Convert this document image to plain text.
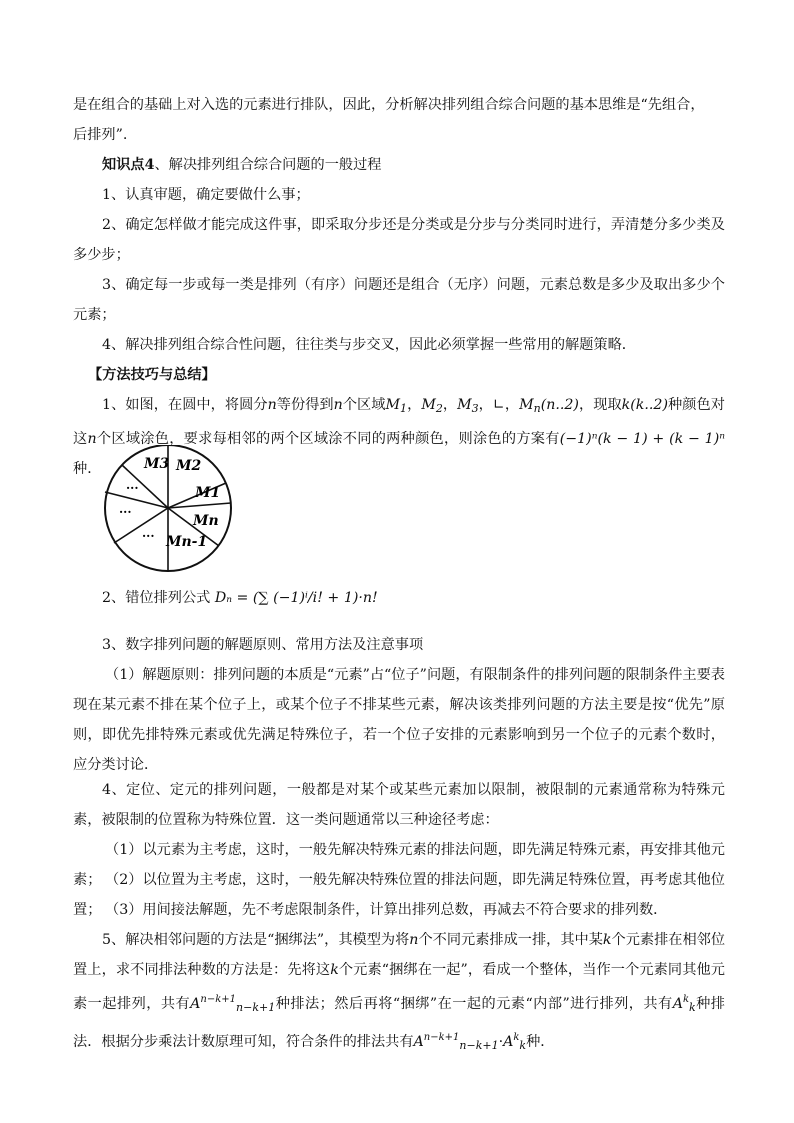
是在组合的基础上对入选的元素进行排队，因此，分析解决排列组合综合问题的基本思维是“先组合，

后排列”.

知识点4、解决排列组合综合问题的一般过程

1、认真审题，确定要做什么事；

2、确定怎样做才能完成这件事，即采取分步还是分类或是分步与分类同时进行，弄清楚分多少类及多少步；

3、确定每一步或每一类是排列（有序）问题还是组合（无序）问题，元素总数是多少及取出多少个元素；

4、解决排列组合综合性问题，往往类与步交叉，因此必须掌握一些常用的解题策略．

【方法技巧与总结】

1、如图，在圆中，将圆分n等份得到n个区域$M_1$，$M_2$，$M_3$，∟，$M_n(n..2)$，现取k(k..2)种颜色对这n个区域涂色，要求每相邻的两个区域涂不同的两种颜色，则涂色的方案有(−1)ⁿ(k − 1) + (k − 1)ⁿ种．	M3 M2
M1
Mn
Mn-1
...
...
...

2、错位排列公式 Dₙ = (∑ (−1)ⁱ/i! + 1)·n!

3、数字排列问题的解题原则、常用方法及注意事项

（1）解题原则：排列问题的本质是“元素”占“位子”问题，有限制条件的排列问题的限制条件主要表现在某元素不排在某个位子上，或某个位子不排某些元素，解决该类排列问题的方法主要是按“优先”原则，即优先排特殊元素或优先满足特殊位子，若一个位子安排的元素影响到另一个位子的元素个数时，应分类讨论．

4、定位、定元的排列问题，一般都是对某个或某些元素加以限制，被限制的元素通常称为特殊元素，被限制的位置称为特殊位置．这一类问题通常以三种途径考虑：

（1）以元素为主考虑，这时，一般先解决特殊元素的排法问题，即先满足特殊元素，再安排其他元素； （2）以位置为主考虑，这时，一般先解决特殊位置的排法问题，即先满足特殊位置，再考虑其他位置； （3）用间接法解题，先不考虑限制条件，计算出排列总数，再减去不符合要求的排列数．

5、解决相邻问题的方法是“捆绑法”，其模型为将n个不同元素排成一排，其中某k个元素排在相邻位置上，求不同排法种数的方法是：先将这k个元素“捆绑在一起”，看成一个整体，当作一个元素同其他元素一起排列，共有$A^{n-k+1}_{n-k+1}$种排法；然后再将“捆绑”在一起的元素“内部”进行排列，共有$A^k_k$种排法．根据分步乘法计数原理可知，符合条件的排法共有$A^{n-k+1}_{n-k+1}\cdot A^k_k$种．
